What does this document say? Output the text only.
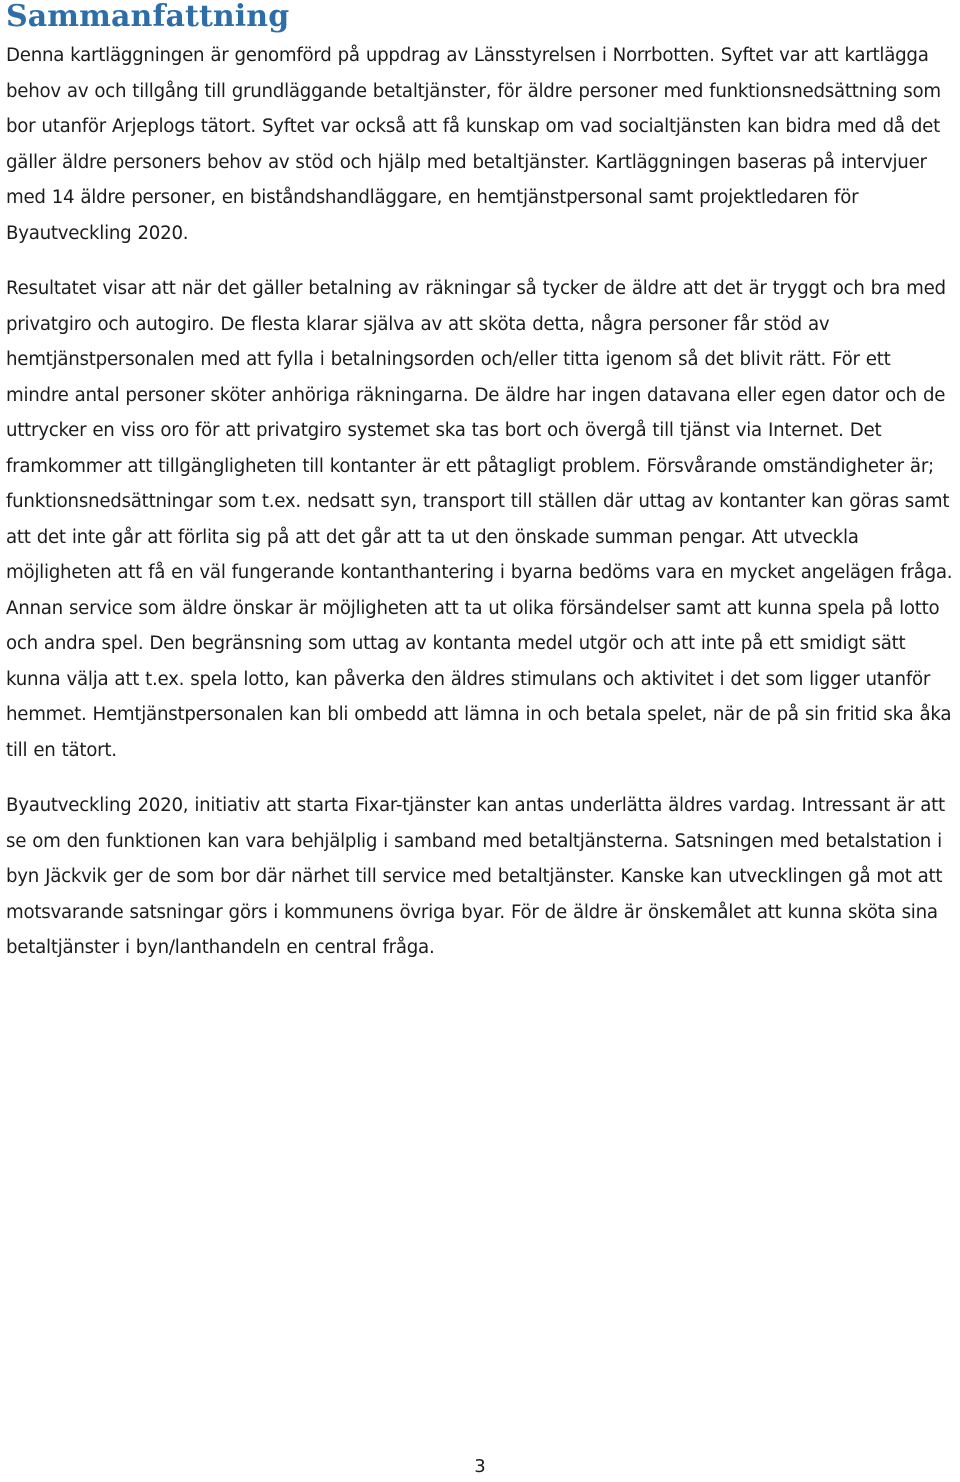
Sammanfattning

Denna kartläggningen är genomförd på uppdrag av Länsstyrelsen i Norrbotten. Syftet var att kartlägga behov av och tillgång till grundläggande betaltjänster, för äldre personer med funktionsnedsättning som bor utanför Arjeplogs tätort. Syftet var också att få kunskap om vad socialtjänsten kan bidra med då det gäller äldre personers behov av stöd och hjälp med betaltjänster. Kartläggningen baseras på intervjuer med 14 äldre personer, en biståndshandläggare, en hemtjänstpersonal samt projektledaren för Byautveckling 2020.

Resultatet visar att när det gäller betalning av räkningar så tycker de äldre att det är tryggt och bra med privatgiro och autogiro. De flesta klarar själva av att sköta detta, några personer får stöd av hemtjänstpersonalen med att fylla i betalningsorden och/eller titta igenom så det blivit rätt. För ett mindre antal personer sköter anhöriga räkningarna. De äldre har ingen datavana eller egen dator och de uttrycker en viss oro för att privatgiro systemet ska tas bort och övergå till tjänst via Internet. Det framkommer att tillgängligheten till kontanter är ett påtagligt problem. Försvårande omständigheter är; funktionsnedsättningar som t.ex. nedsatt syn, transport till ställen där uttag av kontanter kan göras samt att det inte går att förlita sig på att det går att ta ut den önskade summan pengar. Att utveckla möjligheten att få en väl fungerande kontanthantering i byarna bedöms vara en mycket angelägen fråga. Annan service som äldre önskar är möjligheten att ta ut olika försändelser samt att kunna spela på lotto och andra spel. Den begränsning som uttag av kontanta medel utgör och att inte på ett smidigt sätt kunna välja att t.ex. spela lotto, kan påverka den äldres stimulans och aktivitet i det som ligger utanför hemmet. Hemtjänstpersonalen kan bli ombedd att lämna in och betala spelet, när de på sin fritid ska åka till en tätort.

Byautveckling 2020, initiativ att starta Fixar-tjänster kan antas underlätta äldres vardag. Intressant är att se om den funktionen kan vara behjälplig i samband med betaltjänsterna. Satsningen med betalstation i byn Jäckvik ger de som bor där närhet till service med betaltjänster. Kanske kan utvecklingen gå mot att motsvarande satsningar görs i kommunens övriga byar. För de äldre är önskemålet att kunna sköta sina betaltjänster i byn/lanthandeln en central fråga.

3
